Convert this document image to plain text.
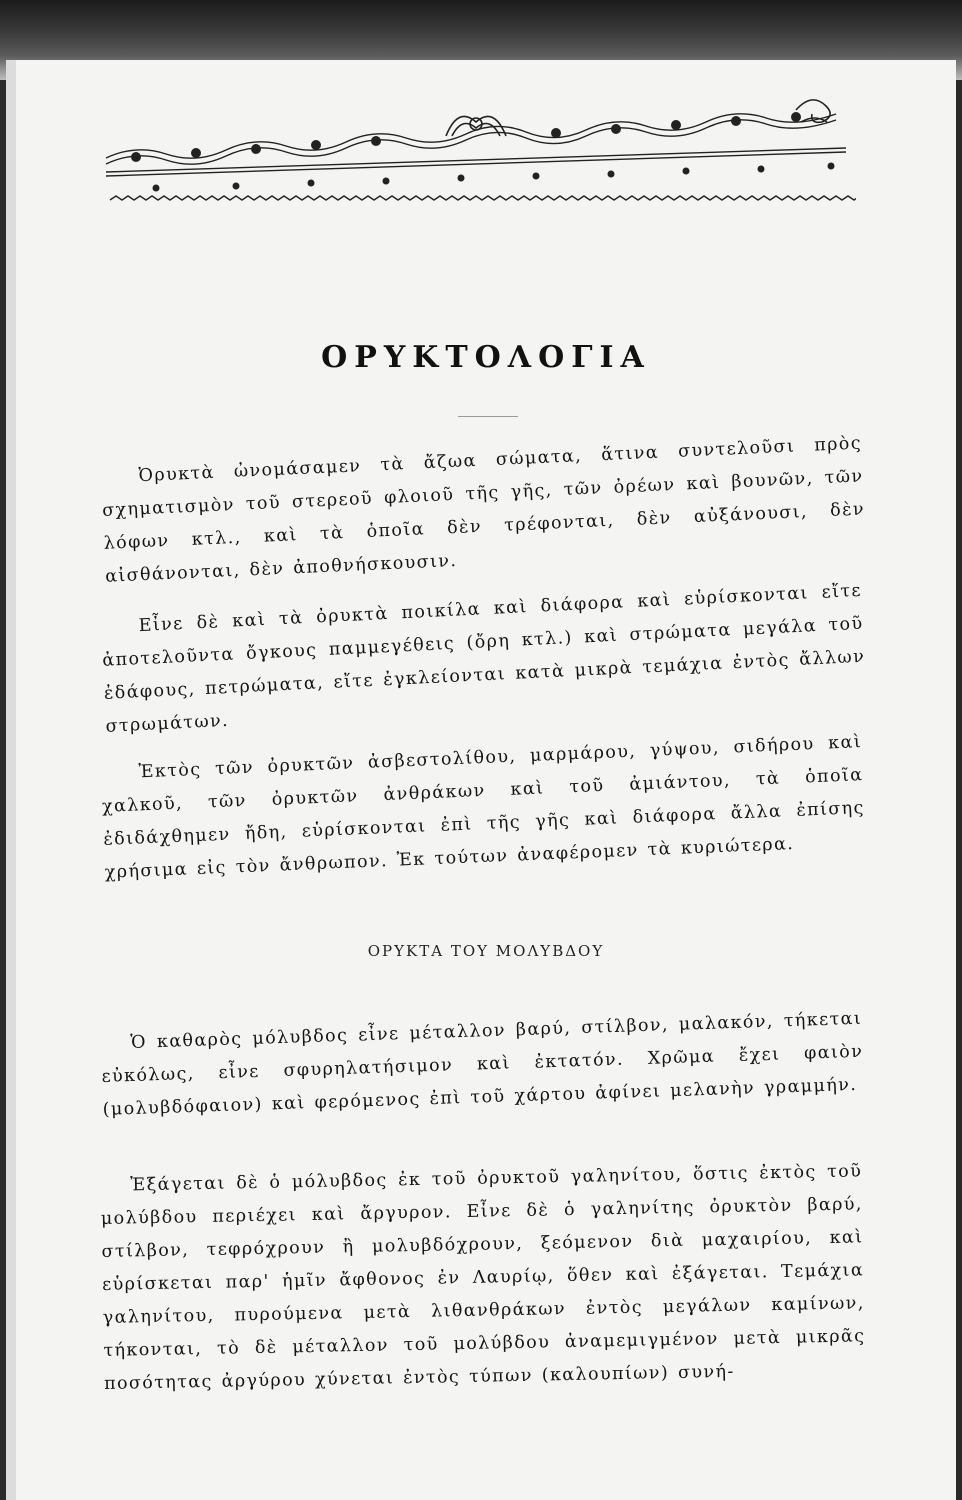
ΟΡΥΚΤΟΛΟΓΙΑ

Ὀρυκτὰ ὠνομάσαμεν τὰ ἄζωα σώματα, ἅτινα συντελοῦσι πρὸς σχηματισμὸν τοῦ στερεοῦ φλοιοῦ τῆς γῆς, τῶν ὀρέων καὶ βουνῶν, τῶν λόφων κτλ., καὶ τὰ ὁποῖα δὲν τρέφονται, δὲν αὐξάνουσι, δὲν αἰσθάνονται, δὲν ἀποθνήσκουσιν.

Εἶνε δὲ καὶ τὰ ὀρυκτὰ ποικίλα καὶ διάφορα καὶ εὑρίσκονται εἴτε ἀποτελοῦντα ὄγκους παμμεγέθεις (ὄρη κτλ.) καὶ στρώματα μεγάλα τοῦ ἐδάφους, πετρώματα, εἴτε ἐγκλείονται κατὰ μικρὰ τεμάχια ἐντὸς ἄλλων στρωμάτων.

Ἐκτὸς τῶν ὀρυκτῶν ἀσβεστολίθου, μαρμάρου, γύψου, σιδήρου καὶ χαλκοῦ, τῶν ὀρυκτῶν ἀνθράκων καὶ τοῦ ἀμιάντου, τὰ ὁποῖα ἐδιδάχθημεν ἤδη, εὑρίσκονται ἐπὶ τῆς γῆς καὶ διάφορα ἄλλα ἐπίσης χρήσιμα εἰς τὸν ἄνθρωπον. Ἐκ τούτων ἀναφέρομεν τὰ κυριώτερα.

ΟΡΥΚΤΑ ΤΟΥ ΜΟΛΥΒΔΟΥ

Ὁ καθαρὸς μόλυβδος εἶνε μέταλλον βαρύ, στίλβον, μαλακόν, τήκεται εὐκόλως, εἶνε σφυρηλατήσιμον καὶ ἐκτατόν. Χρῶμα ἔχει φαιὸν (μολυβδόφαιον) καὶ φερόμενος ἐπὶ τοῦ χάρτου ἀφίνει μελανὴν γραμμήν.

Ἐξάγεται δὲ ὁ μόλυβδος ἐκ τοῦ ὀρυκτοῦ γαληνίτου, ὅστις ἐκτὸς τοῦ μολύβδου περιέχει καὶ ἄργυρον. Εἶνε δὲ ὁ γαληνίτης ὀρυκτὸν βαρύ, στίλβον, τεφρόχρουν ἢ μολυβδόχρουν, ξεόμενον διὰ μαχαιρίου, καὶ εὑρίσκεται παρ' ἡμῖν ἄφθονος ἐν Λαυρίῳ, ὅθεν καὶ ἐξάγεται. Τεμάχια γαληνίτου, πυρούμενα μετὰ λιθανθράκων ἐντὸς μεγάλων καμίνων, τήκονται, τὸ δὲ μέταλλον τοῦ μολύβδου ἀναμεμιγμένον μετὰ μικρᾶς ποσότητας ἀργύρου χύνεται ἐντὸς τύπων (καλουπίων) συνή-
